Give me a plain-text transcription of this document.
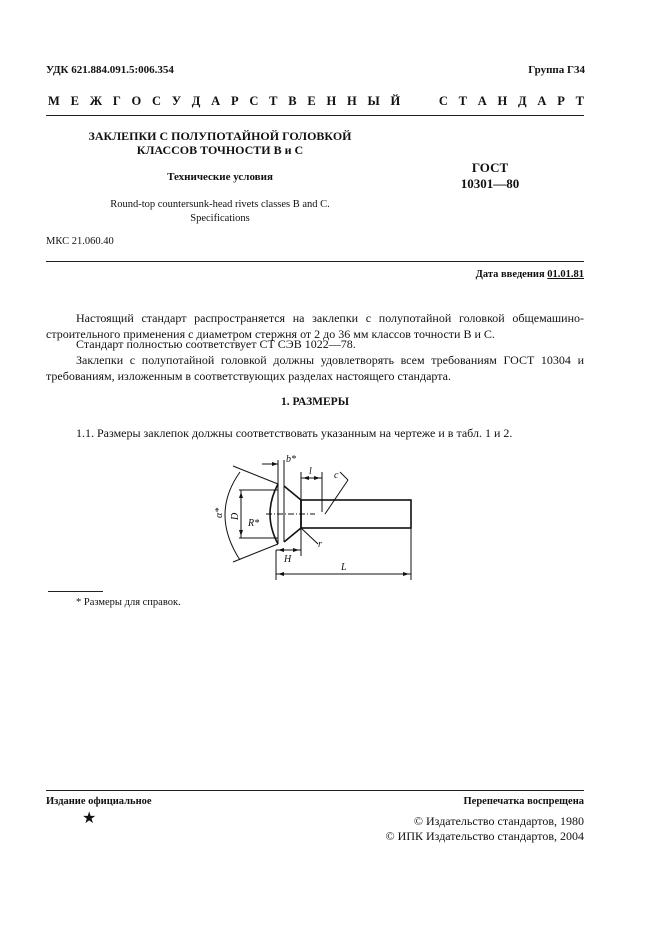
УДК 621.884.091.5:006.354	Группа Г34
М Е Ж Г О С У Д А Р С Т В Е Н Н Ы Й

	С Т А Н Д А Р Т
ЗАКЛЕПКИ С ПОЛУПОТАЙНОЙ ГОЛОВКОЙ
КЛАССОВ ТОЧНОСТИ В и С
Технические условия
ГОСТ
10301—80
Round-top countersunk-head rivets classes B and C.
Specifications
МКС 21.060.40
Дата введения 01.01.81
Настоящий стандарт распространяется на заклепки с полупотайной головкой общемашино-строительного применения с диаметром стержня от 2 до 36 мм классов точности В и С.
Стандарт полностью соответствует СТ СЭВ 1022—78.
Заклепки с полупотайной головкой должны удовлетворять всем требованиям ГОСТ 10304 и требованиям, изложенным в соответствующих разделах настоящего стандарта.
1. РАЗМЕРЫ
1.1. Размеры заклепок должны соответствовать указанным на чертеже и в табл. 1 и 2.
b*
l c
α* D
R*
r
H
L
* Размеры для справок.
Издание официальное	Перепечатка воспрещена
★	© Издательство стандартов, 1980
© ИПК Издательство стандартов, 2004
